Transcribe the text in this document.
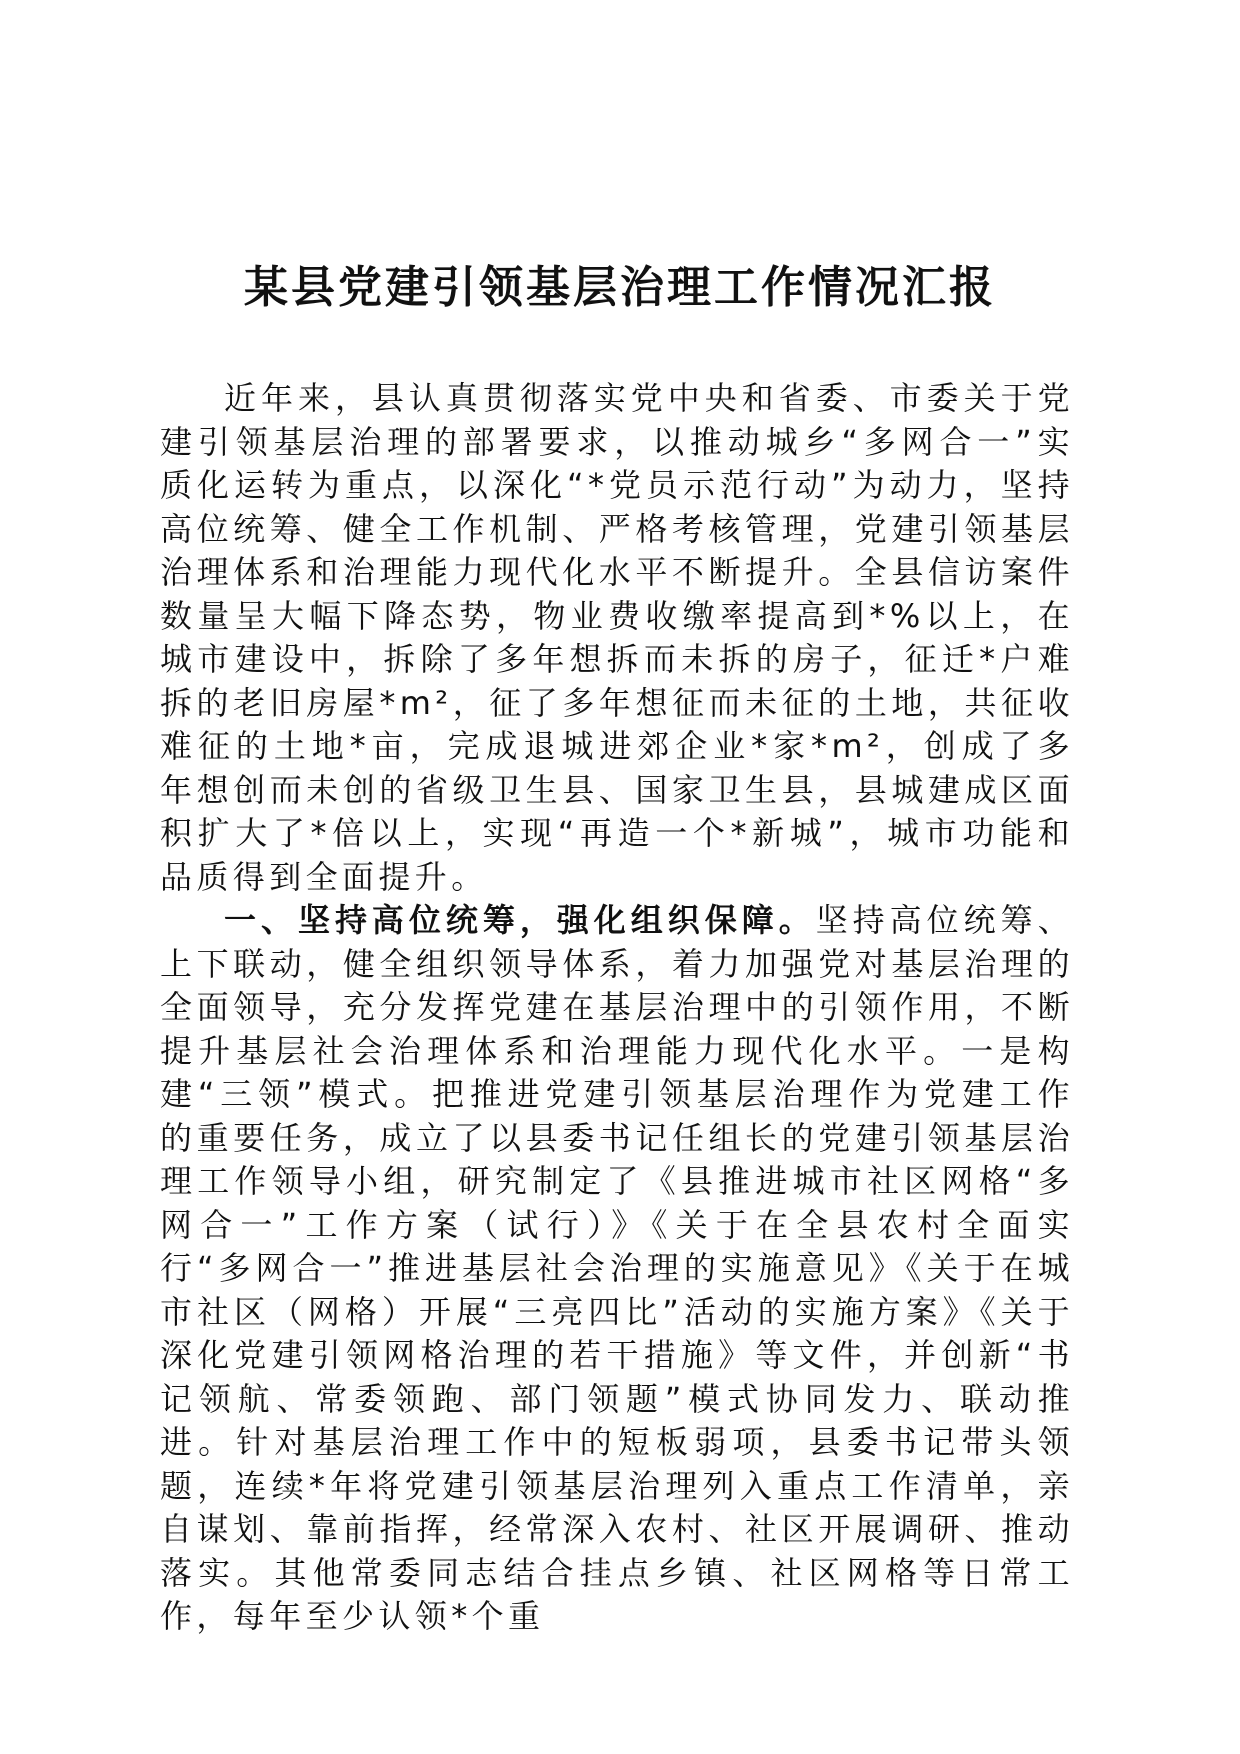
某县党建引领基层治理工作情况汇报

近年来，县认真贯彻落实党中央和省委、市委关于党建引领基层治理的部署要求，以推动城乡“多网合一”实质化运转为重点，以深化“*党员示范行动”为动力，坚持高位统筹、健全工作机制、严格考核管理，党建引领基层治理体系和治理能力现代化水平不断提升。全县信访案件数量呈大幅下降态势，物业费收缴率提高到*%以上，在城市建设中，拆除了多年想拆而未拆的房子，征迁*户难拆的老旧房屋*m²，征了多年想征而未征的土地，共征收难征的土地*亩，完成退城进郊企业*家*m²，创成了多年想创而未创的省级卫生县、国家卫生县，县城建成区面积扩大了*倍以上，实现“再造一个*新城”，城市功能和品质得到全面提升。

一、坚持高位统筹，强化组织保障。坚持高位统筹、上下联动，健全组织领导体系，着力加强党对基层治理的全面领导，充分发挥党建在基层治理中的引领作用，不断提升基层社会治理体系和治理能力现代化水平。一是构建“三领”模式。把推进党建引领基层治理作为党建工作的重要任务，成立了以县委书记任组长的党建引领基层治理工作领导小组，研究制定了《县推进城市社区网格“多网合一”工作方案（试行）》《关于在全县农村全面实行“多网合一”推进基层社会治理的实施意见》《关于在城市社区（网格）开展“三亮四比”活动的实施方案》《关于深化党建引领网格治理的若干措施》等文件，并创新“书记领航、常委领跑、部门领题”模式协同发力、联动推进。针对基层治理工作中的短板弱项，县委书记带头领题，连续*年将党建引领基层治理列入重点工作清单，亲自谋划、靠前指挥，经常深入农村、社区开展调研、推动落实。其他常委同志结合挂点乡镇、社区网格等日常工作，每年至少认领*个重
